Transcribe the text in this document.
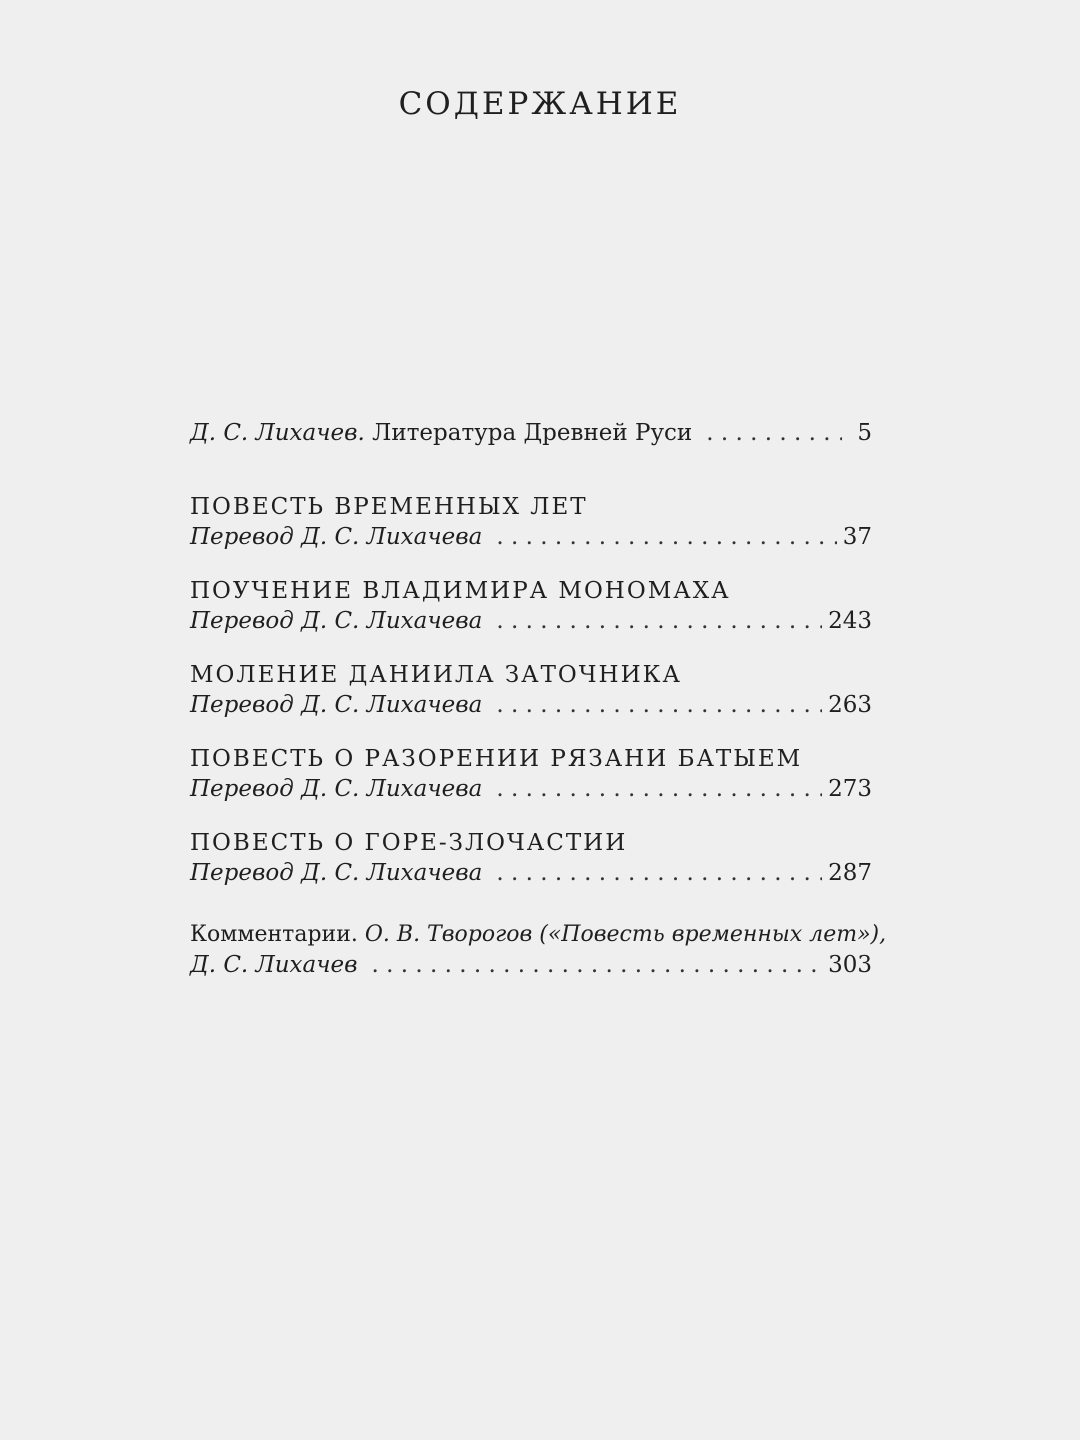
СОДЕРЖАНИЕ
Д. С. Лихачев. Литература Древней Руси . . .	5
ПОВЕСТЬ ВРЕМЕННЫХ ЛЕТ
Перевод Д. С. Лихачева . . .	37
ПОУЧЕНИЕ ВЛАДИМИРА МОНОМАХА
Перевод Д. С. Лихачева . . .	243
МОЛЕНИЕ ДАНИИЛА ЗАТОЧНИКА
Перевод Д. С. Лихачева . . .	263
ПОВЕСТЬ О РАЗОРЕНИИ РЯЗАНИ БАТЫЕМ
Перевод Д. С. Лихачева . . .	273
ПОВЕСТЬ О ГОРЕ-ЗЛОЧАСТИИ
Перевод Д. С. Лихачева . . .	287
Комментарии. О. В. Творогов («Повесть временных лет»),
Д. С. Лихачев . . .	303
